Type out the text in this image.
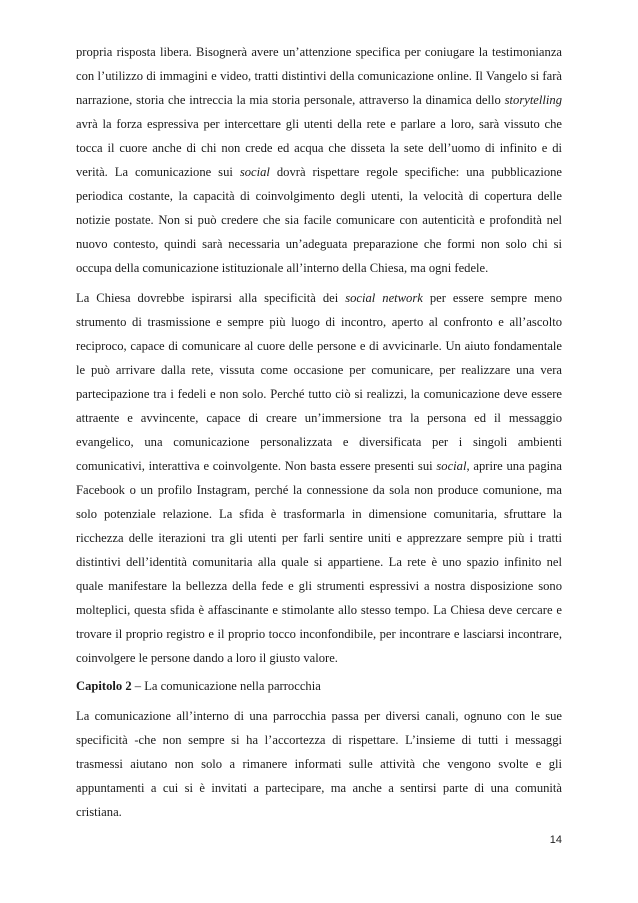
propria risposta libera. Bisognerà avere un’attenzione specifica per coniugare la testimonianza con l’utilizzo di immagini e video, tratti distintivi della comunicazione online. Il Vangelo si farà narrazione, storia che intreccia la mia storia personale, attraverso la dinamica dello storytelling avrà la forza espressiva per intercettare gli utenti della rete e parlare a loro, sarà vissuto che tocca il cuore anche di chi non crede ed acqua che disseta la sete dell’uomo di infinito e di verità. La comunicazione sui social dovrà rispettare regole specifiche: una pubblicazione periodica costante, la capacità di coinvolgimento degli utenti, la velocità di copertura delle notizie postate. Non si può credere che sia facile comunicare con autenticità e profondità nel nuovo contesto, quindi sarà necessaria un’adeguata preparazione che formi non solo chi si occupa della comunicazione istituzionale all’interno della Chiesa, ma ogni fedele.

La Chiesa dovrebbe ispirarsi alla specificità dei social network per essere sempre meno strumento di trasmissione e sempre più luogo di incontro, aperto al confronto e all’ascolto reciproco, capace di comunicare al cuore delle persone e di avvicinarle. Un aiuto fondamentale le può arrivare dalla rete, vissuta come occasione per comunicare, per realizzare una vera partecipazione tra i fedeli e non solo. Perché tutto ciò si realizzi, la comunicazione deve essere attraente e avvincente, capace di creare un’immersione tra la persona ed il messaggio evangelico, una comunicazione personalizzata e diversificata per i singoli ambienti comunicativi, interattiva e coinvolgente. Non basta essere presenti sui social, aprire una pagina Facebook o un profilo Instagram, perché la connessione da sola non produce comunione, ma solo potenziale relazione. La sfida è trasformarla in dimensione comunitaria, sfruttare la ricchezza delle iterazioni tra gli utenti per farli sentire uniti e apprezzare sempre più i tratti distintivi dell’identità comunitaria alla quale si appartiene. La rete è uno spazio infinito nel quale manifestare la bellezza della fede e gli strumenti espressivi a nostra disposizione sono molteplici, questa sfida è affascinante e stimolante allo stesso tempo. La Chiesa deve cercare e trovare il proprio registro e il proprio tocco inconfondibile, per incontrare e lasciarsi incontrare, coinvolgere le persone dando a loro il giusto valore.

Capitolo 2 – La comunicazione nella parrocchia

La comunicazione all’interno di una parrocchia passa per diversi canali, ognuno con le sue specificità -che non sempre si ha l’accortezza di rispettare. L’insieme di tutti i messaggi trasmessi aiutano non solo a rimanere informati sulle attività che vengono svolte e gli appuntamenti a cui si è invitati a partecipare, ma anche a sentirsi parte di una comunità cristiana.

14
